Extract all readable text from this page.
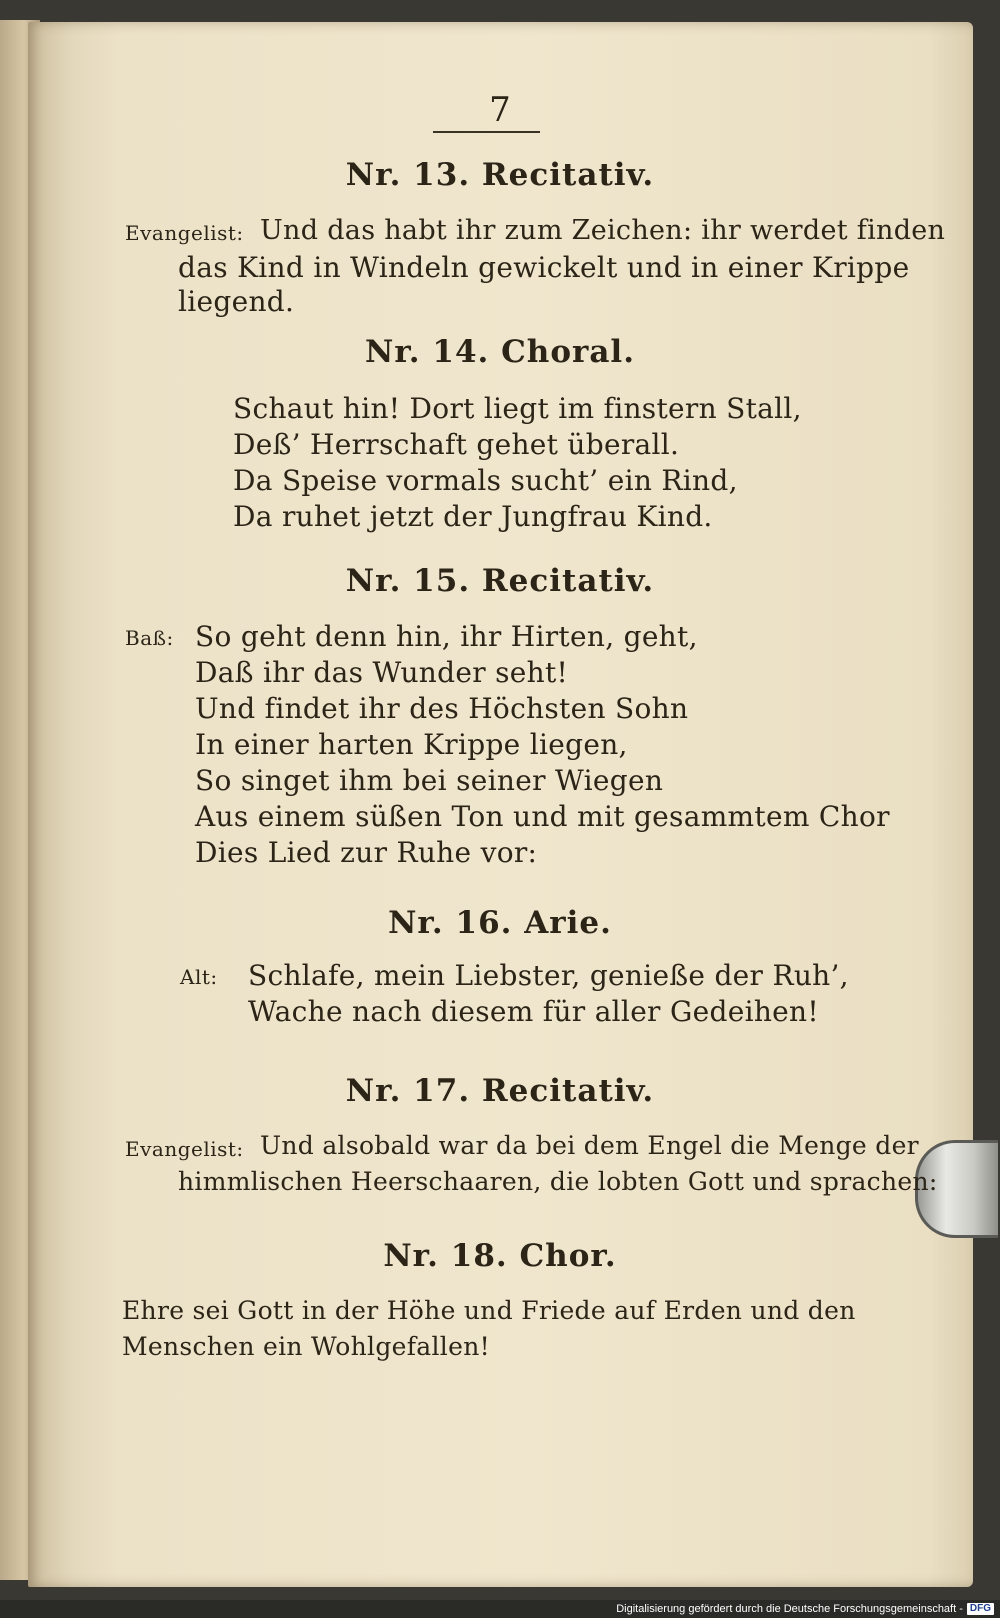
7
Nr. 13. Recitativ.
Evangelist: Und das habt ihr zum Zeichen: ihr werdet finden
das Kind in Windeln gewickelt und in einer Krippe
liegend.
Nr. 14. Choral.
Schaut hin! Dort liegt im finstern Stall,
Deß’ Herrschaft gehet überall.
Da Speise vormals sucht’ ein Rind,
Da ruhet jetzt der Jungfrau Kind.
Nr. 15. Recitativ.
Baß: So geht denn hin, ihr Hirten, geht,
Daß ihr das Wunder seht!
Und findet ihr des Höchsten Sohn
In einer harten Krippe liegen,
So singet ihm bei seiner Wiegen
Aus einem süßen Ton und mit gesammtem Chor
Dies Lied zur Ruhe vor:
Nr. 16. Arie.
Alt: Schlafe, mein Liebster, genieße der Ruh’,
Wache nach diesem für aller Gedeihen!
Nr. 17. Recitativ.
Evangelist: Und alsobald war da bei dem Engel die Menge der
himmlischen Heerschaaren, die lobten Gott und sprachen:
Nr. 18. Chor.
Ehre sei Gott in der Höhe und Friede auf Erden und den
Menschen ein Wohlgefallen!
Digitalisierung gefördert durch die Deutsche Forschungsgemeinschaft - DFG
